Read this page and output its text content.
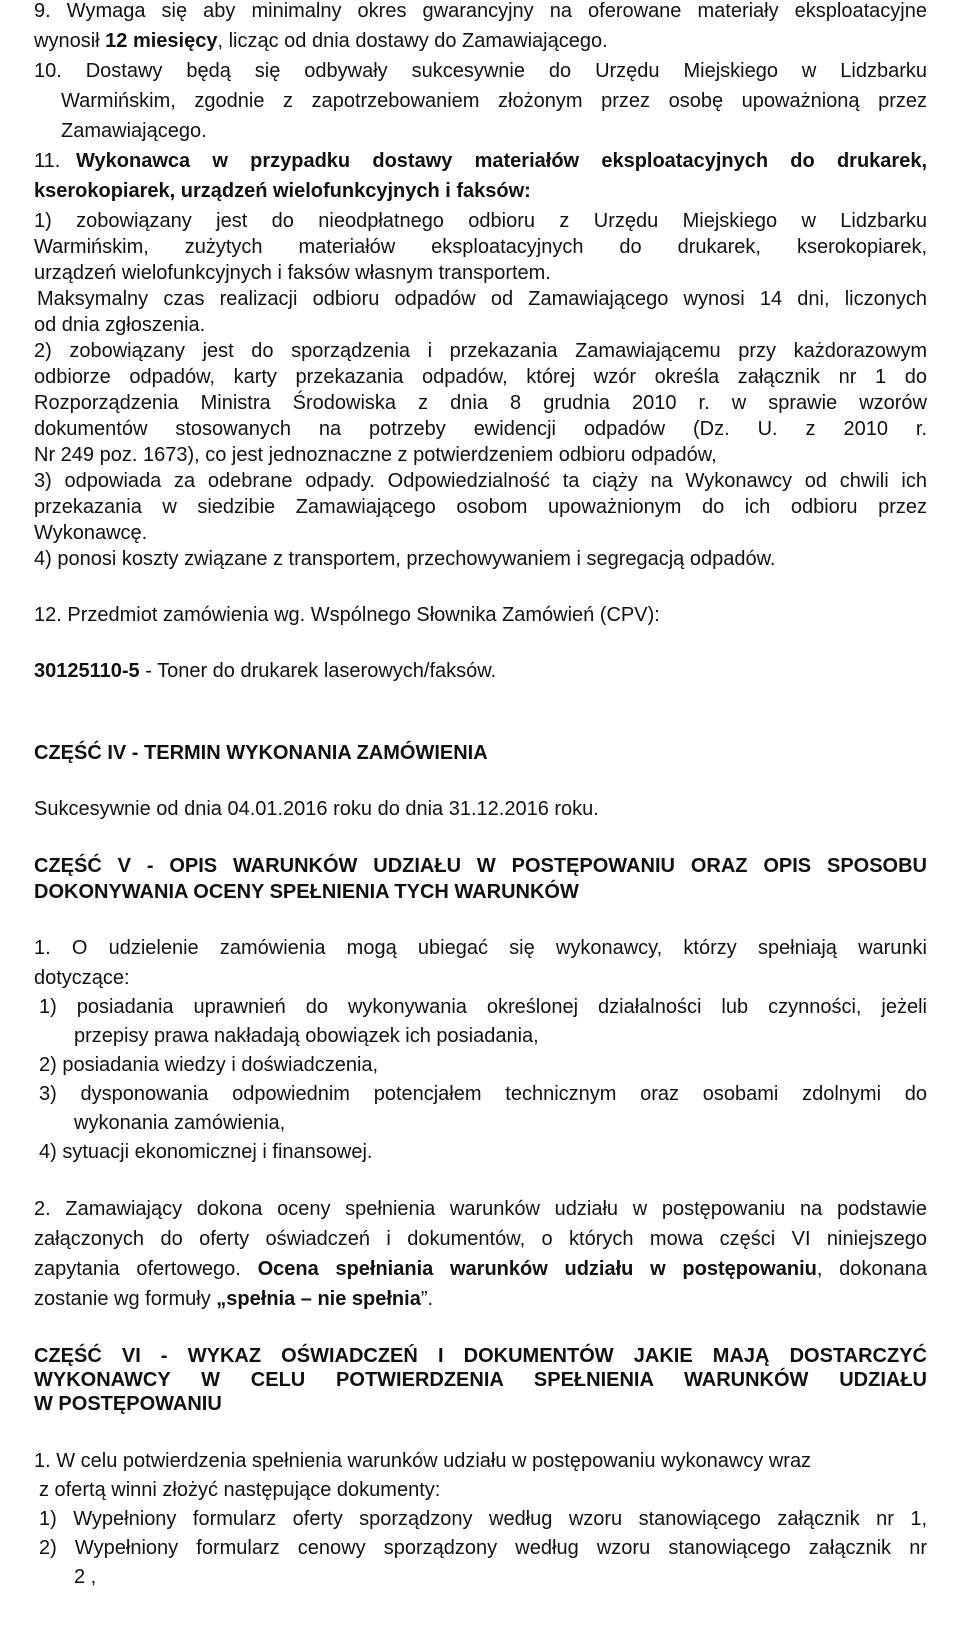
9. Wymaga się aby minimalny okres gwarancyjny na oferowane materiały eksploatacyjne
wynosił 12 miesięcy, licząc od dnia dostawy do Zamawiającego.
10. Dostawy będą się odbywały sukcesywnie do Urzędu Miejskiego w Lidzbarku
Warmińskim, zgodnie z zapotrzebowaniem złożonym przez osobę upoważnioną przez
Zamawiającego.
11. Wykonawca w przypadku dostawy materiałów eksploatacyjnych do drukarek,
kserokopiarek, urządzeń wielofunkcyjnych i faksów:
1) zobowiązany jest do nieodpłatnego odbioru z Urzędu Miejskiego w Lidzbarku
Warmińskim, zużytych materiałów eksploatacyjnych do drukarek, kserokopiarek,
urządzeń wielofunkcyjnych i faksów własnym transportem.
Maksymalny czas realizacji odbioru odpadów od Zamawiającego wynosi 14 dni, liczonych
od dnia zgłoszenia.
2) zobowiązany jest do sporządzenia i przekazania Zamawiającemu przy każdorazowym
odbiorze odpadów, karty przekazania odpadów, której wzór określa załącznik nr 1 do
Rozporządzenia Ministra Środowiska z dnia 8 grudnia 2010 r. w sprawie wzorów
dokumentów stosowanych na potrzeby ewidencji odpadów (Dz. U. z 2010 r.
Nr 249 poz. 1673), co jest jednoznaczne z potwierdzeniem odbioru odpadów,
3) odpowiada za odebrane odpady. Odpowiedzialność ta ciąży na Wykonawcy od chwili ich
przekazania w siedzibie Zamawiającego osobom upoważnionym do ich odbioru przez
Wykonawcę.
4) ponosi koszty związane z transportem, przechowywaniem i segregacją odpadów.
12. Przedmiot zamówienia wg. Wspólnego Słownika Zamówień (CPV):
30125110-5 - Toner do drukarek laserowych/faksów.
CZĘŚĆ IV - TERMIN WYKONANIA ZAMÓWIENIA
Sukcesywnie od dnia 04.01.2016 roku do dnia 31.12.2016 roku.
CZĘŚĆ V - OPIS WARUNKÓW UDZIAŁU W POSTĘPOWANIU ORAZ OPIS SPOSOBU
DOKONYWANIA OCENY SPEŁNIENIA TYCH WARUNKÓW
1. O udzielenie zamówienia mogą ubiegać się wykonawcy, którzy spełniają warunki
dotyczące:
1) posiadania uprawnień do wykonywania określonej działalności lub czynności, jeżeli
przepisy prawa nakładają obowiązek ich posiadania,
2) posiadania wiedzy i doświadczenia,
3) dysponowania odpowiednim potencjałem technicznym oraz osobami zdolnymi do
wykonania zamówienia,
4) sytuacji ekonomicznej i finansowej.
2. Zamawiający dokona oceny spełnienia warunków udziału w postępowaniu na podstawie
załączonych do oferty oświadczeń i dokumentów, o których mowa części VI niniejszego
zapytania ofertowego. Ocena spełniania warunków udziału w postępowaniu, dokonana
zostanie wg formuły „spełnia – nie spełnia”.
CZĘŚĆ VI - WYKAZ OŚWIADCZEŃ I DOKUMENTÓW JAKIE MAJĄ DOSTARCZYĆ
WYKONAWCY W CELU POTWIERDZENIA SPEŁNIENIA WARUNKÓW UDZIAŁU
W POSTĘPOWANIU
1. W celu potwierdzenia spełnienia warunków udziału w postępowaniu wykonawcy wraz
z ofertą winni złożyć następujące dokumenty:
1) Wypełniony formularz oferty sporządzony według wzoru stanowiącego załącznik nr 1,
2) Wypełniony formularz cenowy sporządzony według wzoru stanowiącego załącznik nr
2 ,
